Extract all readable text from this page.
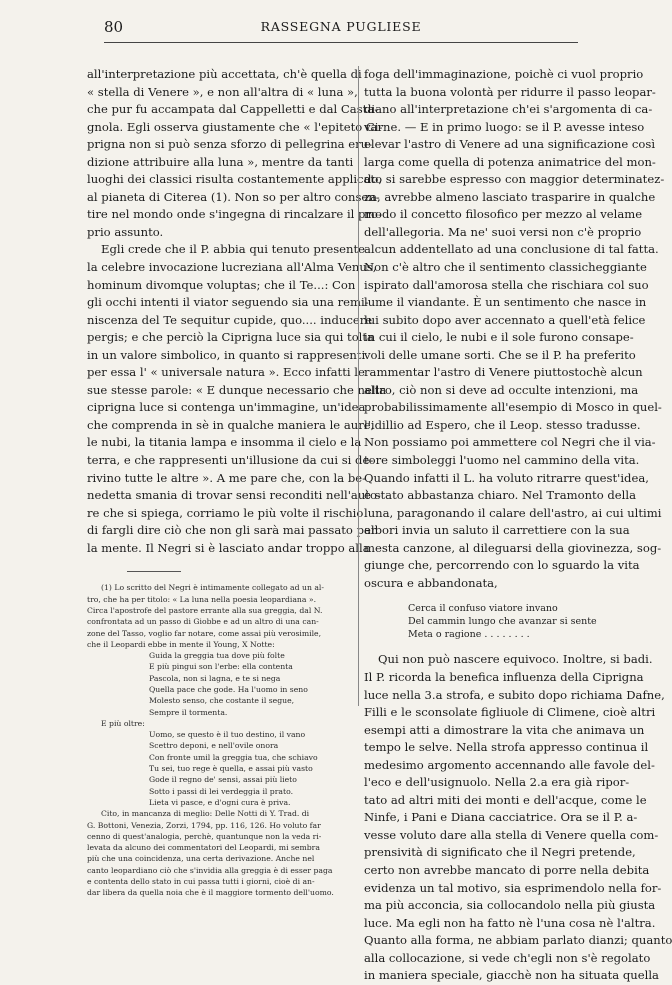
80	RASSEGNA PUGLIESE
all'interpretazione più accettata, ch'è quella di
« stella di Venere », e non all'altra di « luna »,
che pur fu accampata dal Cappelletti e dal Casta-
gnola. Egli osserva giustamente che « l'epiteto Ci-
prigna non si può senza sforzo di pellegrina eru-
dizione attribuire alla luna », mentre da tanti
luoghi dei classici risulta costantemente applicato
al pianeta di Citerea (1). Non so per altro consen-
tire nel mondo onde s'ingegna di rincalzare il pro-
prio assunto.
Egli crede che il P. abbia qui tenuto presente
la celebre invocazione lucreziana all'Alma Venus,
hominum divomque voluptas; che il Te...: Con
gli occhi intenti il viator seguendo sia una remi-
niscenza del Te sequitur cupide, quo.... inducere
pergis; e che perciò la Ciprigna luce sia qui tolta
in un valore simbolico, in quanto si rappresenti
per essa l' « universale natura ». Ecco infatti le
sue stesse parole: « E dunque necessario che nella
ciprigna luce si contenga un'immagine, un'idea
che comprenda in sè in qualche maniera le aure,
le nubi, la titania lampa e insomma il cielo e la
terra, e che rappresenti un'illusione da cui si de-
rivino tutte le altre ». A me pare che, con la be-
nedetta smania di trovar sensi reconditi nell'auto-
re che si spiega, corriamo le più volte il rischio
di fargli dire ciò che non gli sarà mai passato per
la mente. Il Negri si è lasciato andar troppo alla
(1) Lo scritto del Negri è intimamente collegato ad un al-
tro, che ha per titolo: « La luna nella poesia leopardiana ».
Circa l'apostrofe del pastore errante alla sua greggia, dal N.
confrontata ad un passo di Giobbe e ad un altro di una can-
zone del Tasso, voglio far notare, come assai più verosimile,
che il Leopardi ebbe in mente il Young, X Notte:
Guida la greggia tua dove più folte
E più pingui son l'erbe: ella contenta
Pascola, non si lagna, e te si nega
Quella pace che gode. Ha l'uomo in seno
Molesto senso, che costante il segue,
Sempre il tormenta.
E più oltre:
Uomo, se questo è il tuo destino, il vano
Scettro deponi, e nell'ovile onora
Con fronte umil la greggia tua, che schiavo
Tu sei, tuo rege è quella, e assai più vasto
Gode il regno de' sensi, assai più lieto
Sotto i passi di lei verdeggia il prato.
Lieta vi pasce, e d'ogni cura è priva.
Cito, in mancanza di meglio: Delle Notti di Y. Trad. di
G. Bottoni, Venezia, Zorzi, 1794, pp. 116, 126. Ho voluto far
cenno di quest'analogia, perchè, quantunque non la veda ri-
levata da alcuno dei commentatori del Leopardi, mi sembra
più che una coincidenza, una certa derivazione. Anche nel
canto leopardiano ciò che s'invidia alla greggia è di esser paga
e contenta dello stato in cui passa tutti i giorni, cioè di an-
dar libera da quella noia che è il maggiore tormento dell'uomo.
foga dell'immaginazione, poichè ci vuol proprio
tutta la buona volontà per ridurre il passo leopar-
diano all'interpretazione ch'ei s'argomenta di ca-
varne. — E in primo luogo: se il P. avesse inteso
elevar l'astro di Venere ad una significazione così
larga come quella di potenza animatrice del mon-
do, si sarebbe espresso con maggior determinatez-
za, avrebbe almeno lasciato trasparire in qualche
modo il concetto filosofico per mezzo al velame
dell'allegoria. Ma ne' suoi versi non c'è proprio
alcun addentellato ad una conclusione di tal fatta.
Non c'è altro che il sentimento classicheggiante
ispirato dall'amorosa stella che rischiara col suo
lume il viandante. È un sentimento che nasce in
lui subito dopo aver accennato a quell'età felice
in cui il cielo, le nubi e il sole furono consape-
voli delle umane sorti. Che se il P. ha preferito
rammentar l'astro di Venere piuttostochè alcun
altro, ciò non si deve ad occulte intenzioni, ma
probabilissimamente all'esempio di Mosco in quel-
l'idillio ad Espero, che il Leop. stesso tradusse.
Non possiamo poi ammettere col Negri che il via-
tore simboleggi l'uomo nel cammino della vita.
Quando infatti il L. ha voluto ritrarre quest'idea,
è stato abbastanza chiaro. Nel Tramonto della
luna, paragonando il calare dell'astro, ai cui ultimi
albori invia un saluto il carrettiere con la sua
mesta canzone, al dileguarsi della giovinezza, sog-
giunge che, percorrendo con lo sguardo la vita
oscura e abbandonata,
Cerca il confuso viatore invano
Del cammin lungo che avanzar si sente
Meta o ragione . . . . . . . .
Qui non può nascere equivoco. Inoltre, si badi.
Il P. ricorda la benefica influenza della Ciprigna
luce nella 3.a strofa, e subito dopo richiama Dafne,
Filli e le sconsolate figliuole di Climene, cioè altri
esempi atti a dimostrare la vita che animava un
tempo le selve. Nella strofa appresso continua il
medesimo argomento accennando alle favole del-
l'eco e dell'usignuolo. Nella 2.a era già ripor-
tato ad altri miti dei monti e dell'acque, come le
Ninfe, i Pani e Diana cacciatrice. Ora se il P. a-
vesse voluto dare alla stella di Venere quella com-
prensività di significato che il Negri pretende,
certo non avrebbe mancato di porre nella debita
evidenza un tal motivo, sia esprimendolo nella for-
ma più acconcia, sia collocandolo nella più giusta
luce. Ma egli non ha fatto nè l'una cosa nè l'altra.
Quanto alla forma, ne abbiam parlato dianzi; quanto
alla collocazione, si vede ch'egli non s'è regolato
in maniera speciale, giacchè non ha situata quella
